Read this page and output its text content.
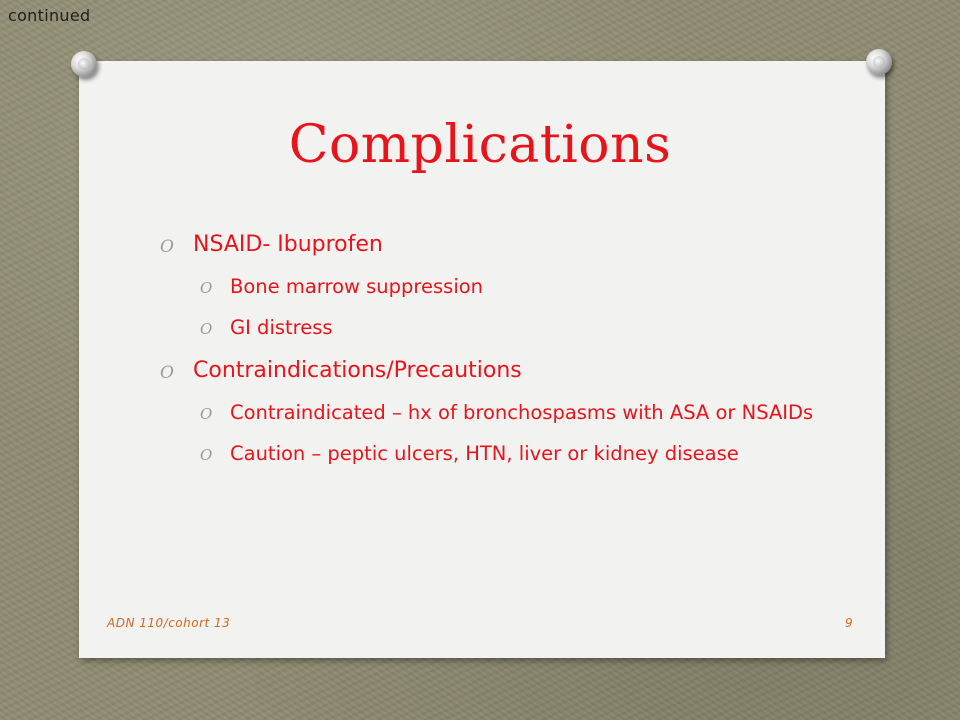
continued
Complications
O NSAID- Ibuprofen
O Bone marrow suppression
O GI distress
O Contraindications/Precautions
O Contraindicated – hx of bronchospasms with ASA or NSAIDs
O Caution – peptic ulcers, HTN, liver or kidney disease
ADN 110/cohort 13	9
